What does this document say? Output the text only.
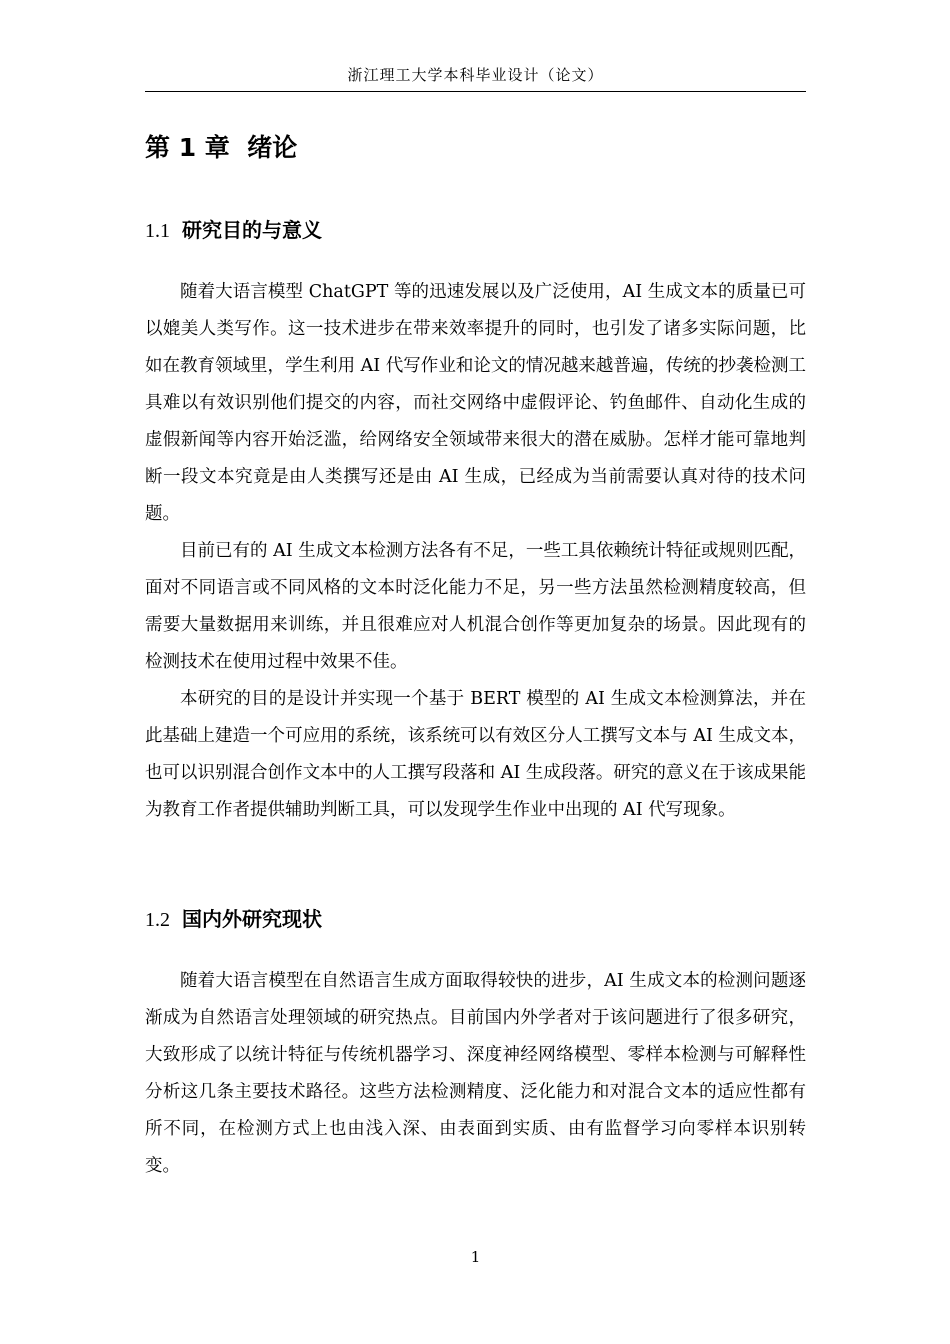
浙江理工大学本科毕业设计（论文）
第 1 章 绪论
1.1 研究目的与意义

随着大语言模型 ChatGPT 等的迅速发展以及广泛使用，AI 生成文本的质量已可以媲美人类写作。这一技术进步在带来效率提升的同时，也引发了诸多实际问题，比如在教育领域里，学生利用 AI 代写作业和论文的情况越来越普遍，传统的抄袭检测工具难以有效识别他们提交的内容，而社交网络中虚假评论、钓鱼邮件、自动化生成的虚假新闻等内容开始泛滥，给网络安全领域带来很大的潜在威胁。怎样才能可靠地判断一段文本究竟是由人类撰写还是由 AI 生成，已经成为当前需要认真对待的技术问题。

目前已有的 AI 生成文本检测方法各有不足，一些工具依赖统计特征或规则匹配，面对不同语言或不同风格的文本时泛化能力不足，另一些方法虽然检测精度较高，但需要大量数据用来训练，并且很难应对人机混合创作等更加复杂的场景。因此现有的检测技术在使用过程中效果不佳。

本研究的目的是设计并实现一个基于 BERT 模型的 AI 生成文本检测算法，并在此基础上建造一个可应用的系统，该系统可以有效区分人工撰写文本与 AI 生成文本，也可以识别混合创作文本中的人工撰写段落和 AI 生成段落。研究的意义在于该成果能为教育工作者提供辅助判断工具，可以发现学生作业中出现的 AI 代写现象。

1.2 国内外研究现状

随着大语言模型在自然语言生成方面取得较快的进步，AI 生成文本的检测问题逐渐成为自然语言处理领域的研究热点。目前国内外学者对于该问题进行了很多研究，大致形成了以统计特征与传统机器学习、深度神经网络模型、零样本检测与可解释性分析这几条主要技术路径。这些方法检测精度、泛化能力和对混合文本的适应性都有所不同，在检测方式上也由浅入深、由表面到实质、由有监督学习向零样本识别转变。

1
